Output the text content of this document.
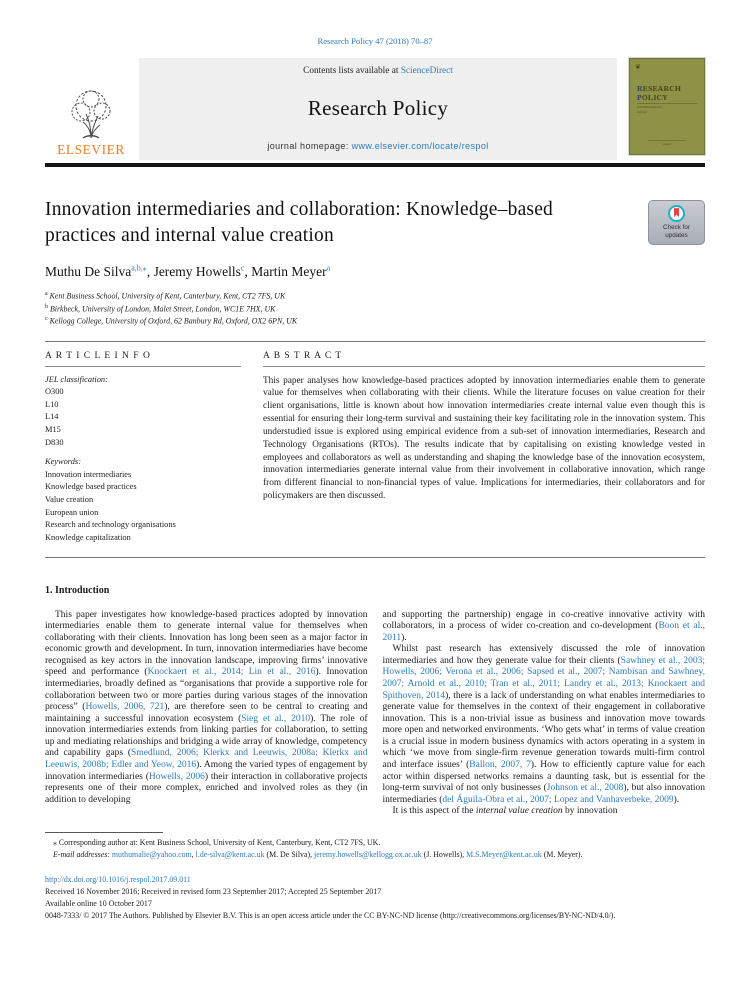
Research Policy 47 (2018) 70–87
ELSEVIER
Contents lists available at ScienceDirect
Research Policy
journal homepage: www.elsevier.com/locate/respol
❦
RESEARCH
POLICY
▪▪▪▪▪▪▪▪▪▪▪▪▪▪▪▪▪▪▪▪▪▪
▪▪▪▪▪▪▪▪▪
▪▪▪▪▪▪▪▪
Innovation intermediaries and collaboration: Knowledge–based practices and internal value creation	Check for
updates
Muthu De Silva$^{a,b,⁎}$, Jeremy Howells$^c$, Martin Meyer$^a$
$^a$ Kent Business School, University of Kent, Canterbury, Kent, CT2 7FS, UK
$^b$ Birkbeck, University of London, Malet Street, London, WC1E 7HX, UK
$^c$ Kellogg College, University of Oxford, 62 Banbury Rd, Oxford, OX2 6PN, UK
A R T I C L E I N F O
JEL classification:
O300
L10
L14
M15
D830
Keywords:
Innovation intermediaries
Knowledge based practices
Value creation
European union
Research and technology organisations
Knowledge capitalization
A B S T R A C T
This paper analyses how knowledge-based practices adopted by innovation intermediaries enable them to generate value for themselves when collaborating with their clients. While the literature focuses on value creation for their client organisations, little is known about how innovation intermediaries create internal value even though this is essential for ensuring their long-term survival and sustaining their key facilitating role in the innovation system. This understudied issue is explored using empirical evidence from a sub-set of innovation intermediaries, Research and Technology Organisations (RTOs). The results indicate that by capitalising on existing knowledge vested in employees and collaborators as well as understanding and shaping the knowledge base of the innovation ecosystem, innovation intermediaries generate internal value from their involvement in collaborative innovation, which range from different financial to non-financial types of value. Implications for intermediaries, their collaborators and for policymakers are then discussed.
1. Introduction

This paper investigates how knowledge-based practices adopted by innovation intermediaries enable them to generate internal value for themselves when collaborating with their clients. Innovation has long been seen as a major factor in economic growth and development. In turn, innovation intermediaries have become recognised as key actors in the innovation landscape, improving firms’ innovative speed and performance (Knockaert et al., 2014; Lin et al., 2016). Innovation intermediaries, broadly defined as “organisations that provide a supportive role for collaboration between two or more parties during various stages of the innovation process” (Howells, 2006, 721), are therefore seen to be central to creating and maintaining a successful innovation ecosystem (Sieg et al., 2010). The role of innovation intermediaries extends from linking parties for collaboration, to setting up and mediating relationships and bridging a wide array of knowledge, competency and capability gaps (Smedlund, 2006; Klerkx and Leeuwis, 2008a; Klerkx and Leeuwis, 2008b; Edler and Yeow, 2016). Among the varied types of engagement by innovation intermediaries (Howells, 2006) their interaction in collaborative projects represents one of their more complex, enriched and involved roles as they (in addition to developing

and supporting the partnership) engage in co-creative innovative activity with collaborators, in a process of wider co-creation and co-development (Boon et al., 2011).

Whilst past research has extensively discussed the role of innovation intermediaries and how they generate value for their clients (Sawhney et al., 2003; Howells, 2006; Verona et al., 2006; Sapsed et al., 2007; Nambisan and Sawhney, 2007; Arnold et al., 2010; Tran et al., 2011; Landry et al., 2013; Knockaert and Spithoven, 2014), there is a lack of understanding on what enables intermediaries to generate value for themselves in the context of their engagement in collaborative innovation. This is a non-trivial issue as business and innovation move towards more open and networked environments. ‘Who gets what’ in terms of value creation is a crucial issue in modern business dynamics with actors operating in a system in which ‘we move from single-firm revenue generation towards multi-firm control and interface issues’ (Ballon, 2007, 7). How to efficiently capture value for each actor within dispersed networks remains a daunting task, but is essential for the long-term survival of not only businesses (Johnson et al., 2008), but also innovation intermediaries (del Águila-Obra et al., 2007; Lopez and Vanhaverbeke, 2009).

It is this aspect of the internal value creation by innovation

⁎ Corresponding author at: Kent Business School, University of Kent, Canterbury, Kent, CT2 7FS, UK.
E-mail addresses: muthumalie@yahoo.com, l.de-silva@kent.ac.uk (M. De Silva), jeremy.howells@kellogg.ox.ac.uk (J. Howells), M.S.Meyer@kent.ac.uk (M. Meyer).
http://dx.doi.org/10.1016/j.respol.2017.09.011
Received 16 November 2016; Received in revised form 23 September 2017; Accepted 25 September 2017
Available online 10 October 2017
0048-7333/ © 2017 The Authors. Published by Elsevier B.V. This is an open access article under the CC BY-NC-ND license (http://creativecommons.org/licenses/BY-NC-ND/4.0/).
